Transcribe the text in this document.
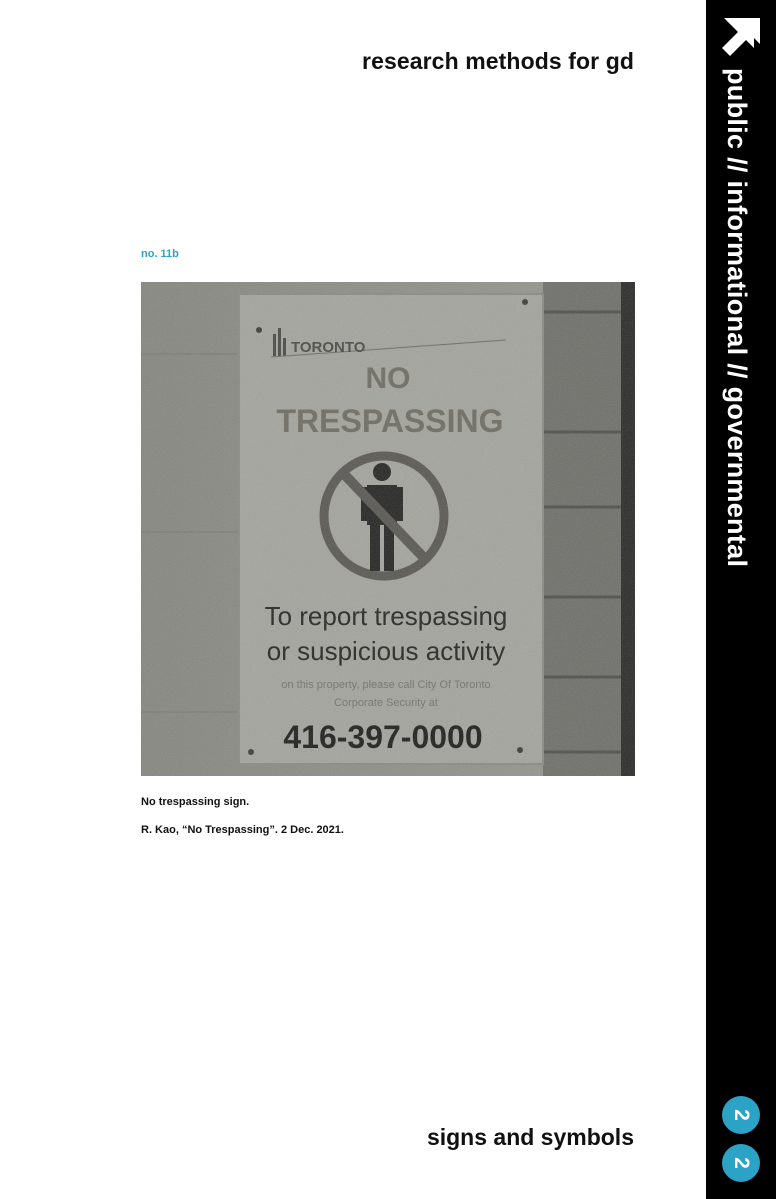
research methods for gd
no. 11b
No trespassing sign.
R. Kao, “No Trespassing”. 2 Dec. 2021.
signs and symbols
public // informational // governmental
2
2
